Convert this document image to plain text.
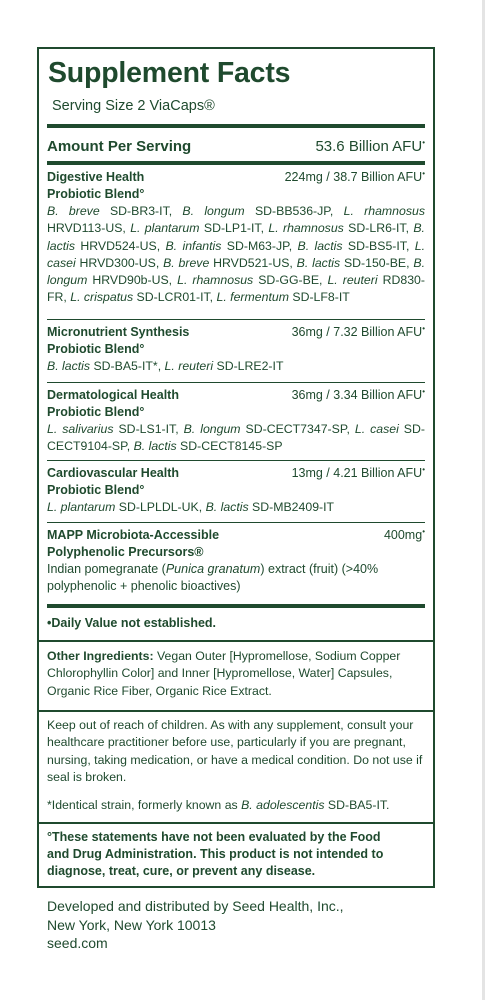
Supplement Facts
Serving Size 2 ViaCaps®
Amount Per Serving	53.6 Billion AFU•
Digestive Health
Probiotic Blend°
224mg / 38.7 Billion AFU•
B. breve SD-BR3-IT, B. longum SD-BB536-JP, L. rhamnosus HRVD113-US, L. plantarum SD-LP1-IT, L. rhamnosus SD-LR6-IT, B. lactis HRVD524-US, B. infantis SD-M63-JP, B. lactis SD-BS5-IT, L. casei HRVD300-US, B. breve HRVD521-US, B. lactis SD-150-BE, B. longum HRVD90b-US, L. rhamnosus SD-GG-BE, L. reuteri RD830-FR, L. crispatus SD-LCR01-IT, L. fermentum SD-LF8-IT
Micronutrient Synthesis
Probiotic Blend°
36mg / 7.32 Billion AFU•
B. lactis SD-BA5-IT*, L. reuteri SD-LRE2-IT
Dermatological Health
Probiotic Blend°
36mg / 3.34 Billion AFU•
L. salivarius SD-LS1-IT, B. longum SD-CECT7347-SP, L. casei SD-CECT9104-SP, B. lactis SD-CECT8145-SP
Cardiovascular Health
Probiotic Blend°
13mg / 4.21 Billion AFU•
L. plantarum SD-LPLDL-UK, B. lactis SD-MB2409-IT
MAPP Microbiota-Accessible
Polyphenolic Precursors®
400mg•
Indian pomegranate (Punica granatum) extract (fruit) (>40% polyphenolic + phenolic bioactives)
•Daily Value not established.
Other Ingredients: Vegan Outer [Hypromellose, Sodium Copper Chlorophyllin Color] and Inner [Hypromellose, Water] Capsules, Organic Rice Fiber, Organic Rice Extract.
Keep out of reach of children. As with any supplement, consult your healthcare practitioner before use, particularly if you are pregnant, nursing, taking medication, or have a medical condition. Do not use if seal is broken.
*Identical strain, formerly known as B. adolescentis SD-BA5-IT.
°These statements have not been evaluated by the Food and Drug Administration. This product is not intended to diagnose, treat, cure, or prevent any disease.
Developed and distributed by Seed Health, Inc.,
New York, New York 10013
seed.com
